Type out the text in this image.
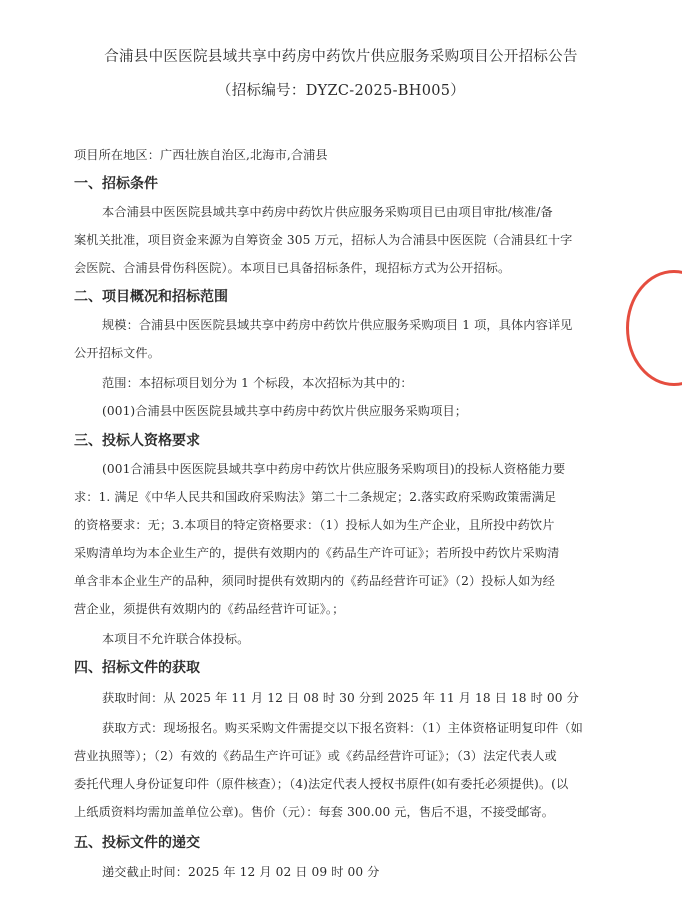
合浦县中医医院县域共享中药房中药饮片供应服务采购项目公开招标公告
（招标编号：DYZC-2025-BH005）
项目所在地区：广西壮族自治区,北海市,合浦县
一、招标条件
本合浦县中医医院县域共享中药房中药饮片供应服务采购项目已由项目审批/核准/备
案机关批准，项目资金来源为自筹资金 305 万元，招标人为合浦县中医医院（合浦县红十字
会医院、合浦县骨伤科医院）。本项目已具备招标条件，现招标方式为公开招标。
二、项目概况和招标范围
规模：合浦县中医医院县域共享中药房中药饮片供应服务采购项目 1 项，具体内容详见
公开招标文件。
范围：本招标项目划分为 1 个标段，本次招标为其中的：
(001)合浦县中医医院县域共享中药房中药饮片供应服务采购项目；
三、投标人资格要求
(001合浦县中医医院县域共享中药房中药饮片供应服务采购项目)的投标人资格能力要
求：1. 满足《中华人民共和国政府采购法》第二十二条规定；2.落实政府采购政策需满足
的资格要求：无；3.本项目的特定资格要求：（1）投标人如为生产企业，且所投中药饮片
采购清单均为本企业生产的，提供有效期内的《药品生产许可证》；若所投中药饮片采购清
单含非本企业生产的品种，须同时提供有效期内的《药品经营许可证》（2）投标人如为经
营企业，须提供有效期内的《药品经营许可证》。；
本项目不允许联合体投标。
四、招标文件的获取
获取时间：从 2025 年 11 月 12 日 08 时 30 分到 2025 年 11 月 18 日 18 时 00 分
获取方式：现场报名。购买采购文件需提交以下报名资料：（1）主体资格证明复印件（如
营业执照等）；（2）有效的《药品生产许可证》或《药品经营许可证》；（3）法定代表人或
委托代理人身份证复印件（原件核查）；（4)法定代表人授权书原件(如有委托必须提供)。(以
上纸质资料均需加盖单位公章)。售价（元）：每套 300.00 元，售后不退，不接受邮寄。
五、投标文件的递交
递交截止时间：2025 年 12 月 02 日 09 时 00 分
